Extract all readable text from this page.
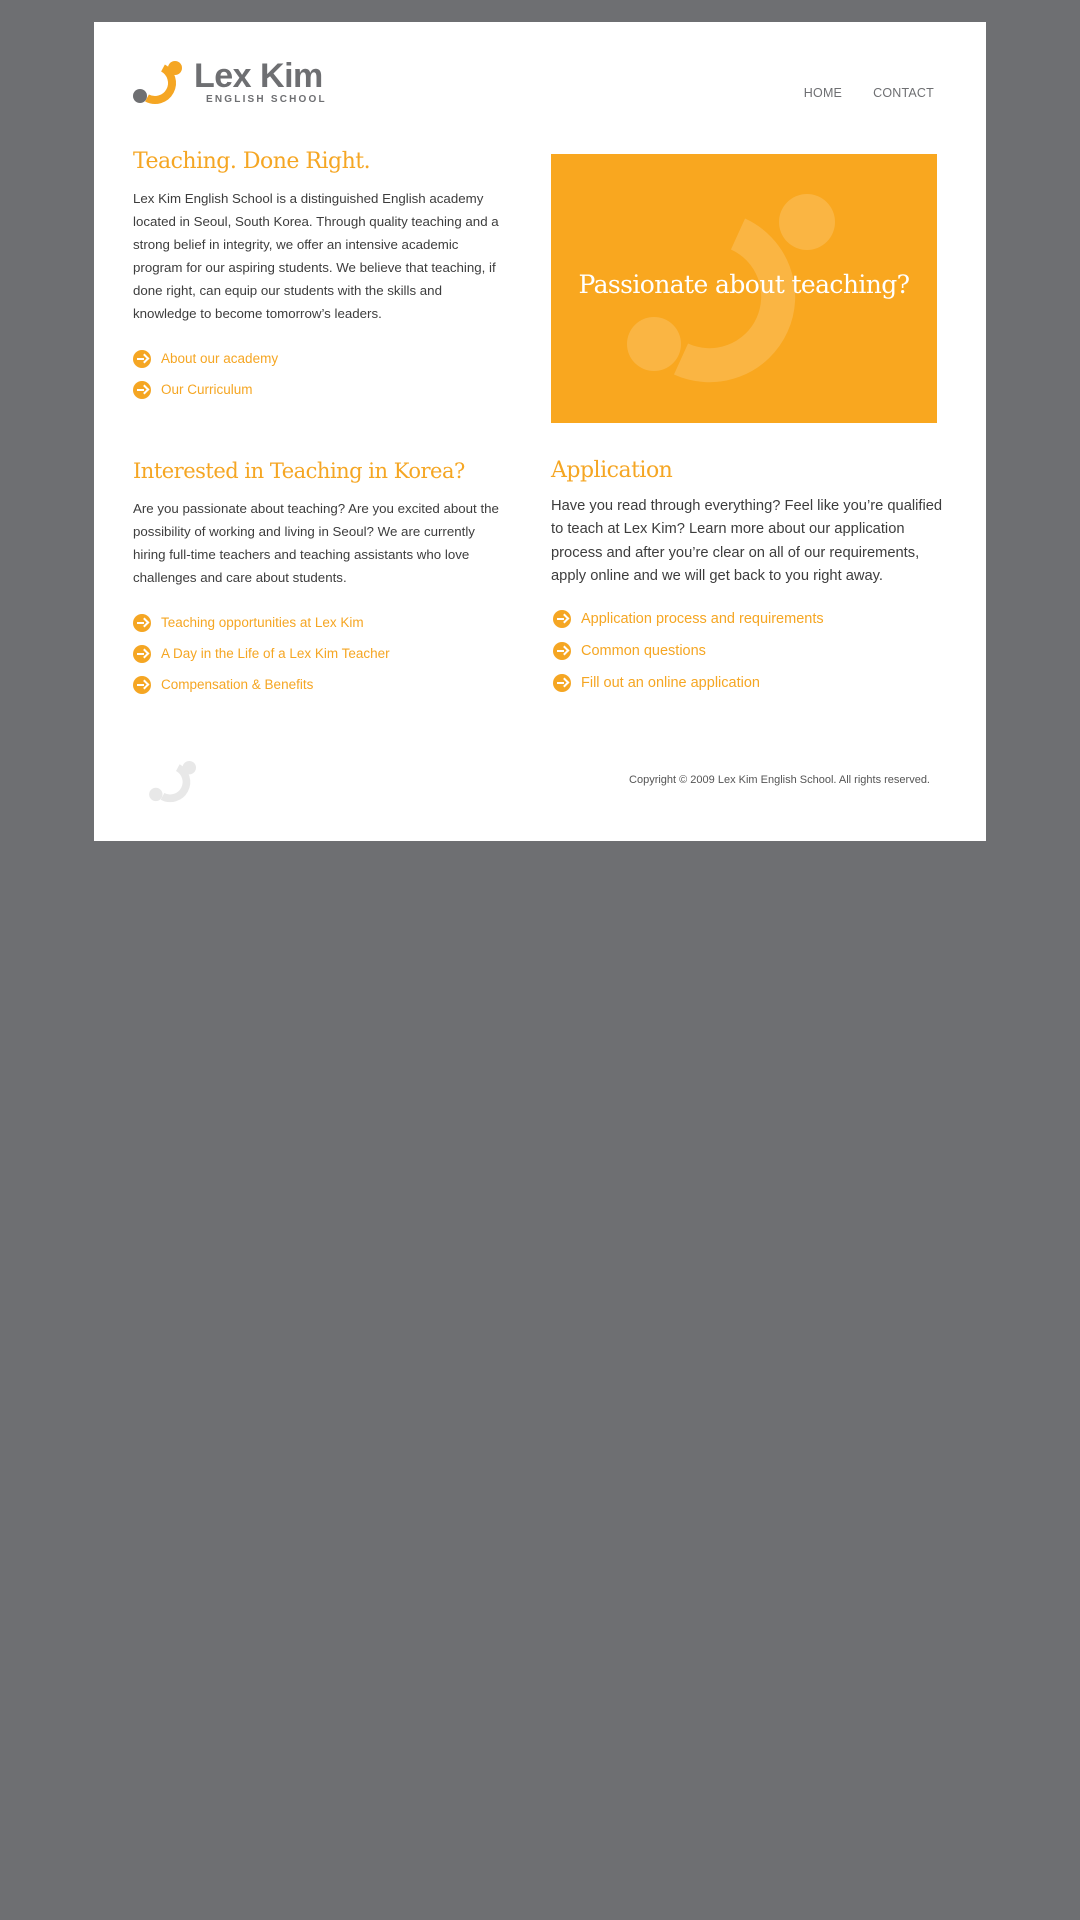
Lex Kim
ENGLISH SCHOOL	HOME CONTACT
Teaching. Done Right.

Lex Kim English School is a distinguished English academy located in Seoul, South Korea. Through quality teaching and a strong belief in integrity, we offer an intensive academic program for our aspiring students. We believe that teaching, if done right, can equip our students with the skills and knowledge to become tomorrow’s leaders.

About our academy
Our Curriculum
Passionate about teaching?
Interested in Teaching in Korea?

Are you passionate about teaching? Are you excited about the possibility of working and living in Seoul? We are currently hiring full-time teachers and teaching assistants who love challenges and care about students.

Teaching opportunities at Lex Kim
A Day in the Life of a Lex Kim Teacher
Compensation & Benefits
Application

Have you read through everything? Feel like you’re qualified to teach at Lex Kim? Learn more about our application process and after you’re clear on all of our requirements, apply online and we will get back to you right away.

Application process and requirements
Common questions
Fill out an online application
Copyright © 2009 Lex Kim English School. All rights reserved.
